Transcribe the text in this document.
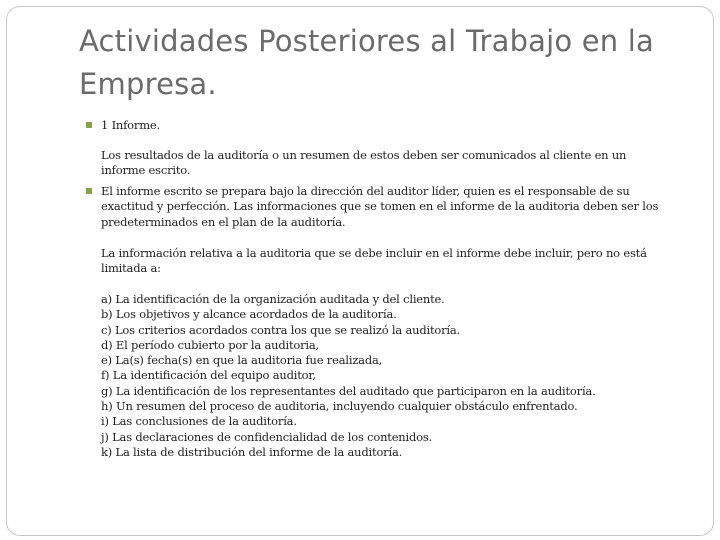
Actividades Posteriores al Trabajo en la Empresa.
1 Informe.
Los resultados de la auditoría o un resumen de estos deben ser comunicados al cliente en un
informe escrito.
El informe escrito se prepara bajo la dirección del auditor líder, quien es el responsable de su
exactitud y perfección. Las informaciones que se tomen en el informe de la auditoria deben ser los
predeterminados en el plan de la auditoría.
La información relativa a la auditoria que se debe incluir en el informe debe incluir, pero no está
limitada a:
a) La identificación de la organización auditada y del cliente.
b) Los objetivos y alcance acordados de la auditoría.
c) Los criterios acordados contra los que se realizó la auditoría.
d) El período cubierto por la auditoria,
e) La(s) fecha(s) en que la auditoria fue realizada,
f) La identificación del equipo auditor,
g) La identificación de los representantes del auditado que participaron en la auditoría.
h) Un resumen del proceso de auditoria, incluyendo cualquier obstáculo enfrentado.
i) Las conclusiones de la auditoría.
j) Las declaraciones de confidencialidad de los contenidos.
k) La lista de distribución del informe de la auditoría.
